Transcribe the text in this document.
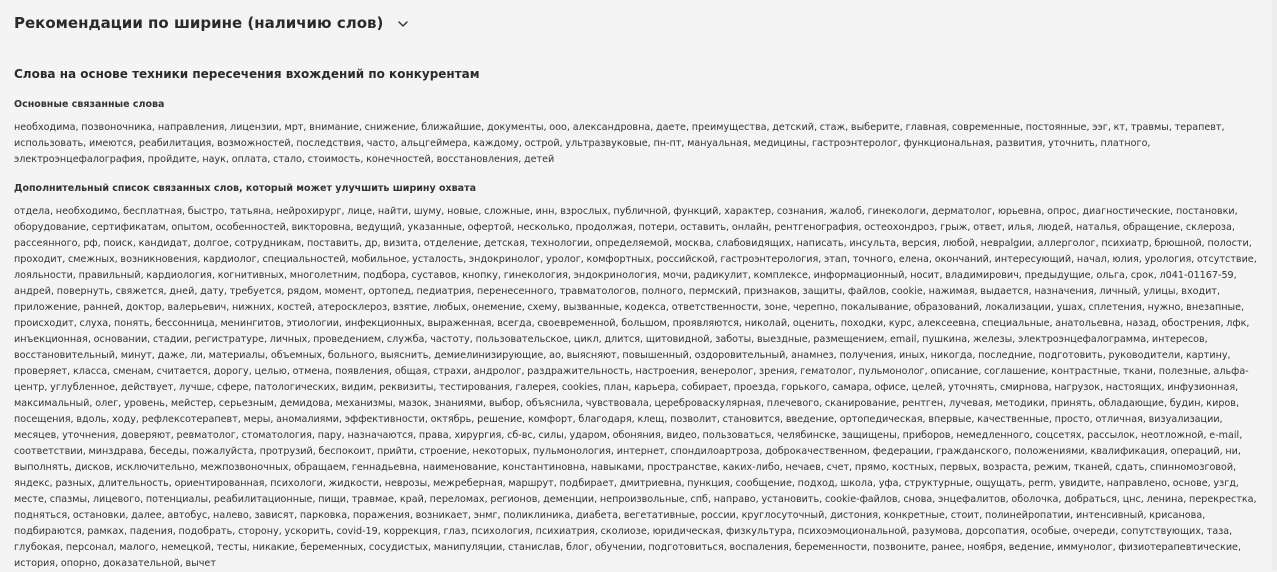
Рекомендации по ширине (наличию слов)
Слова на основе техники пересечения вхождений по конкурентам
Основные связанные слова
необходима, позвоночника, направления, лицензии, мрт, внимание, снижение, ближайшие, документы, ооо, александровна, даете, преимущества, детский, стаж, выберите, главная, современные, постоянные, ээг, кт, травмы, терапевт, использовать, имеются, реабилитация, возможностей, последствия, часто, альцгеймера, каждому, острой, ультразвуковые, пн-пт, мануальная, медицины, гастроэнтеролог, функциональная, развития, уточнить, платного, электроэнцефалография, пройдите, наук, оплата, стало, стоимость, конечностей, восстановления, детей
Дополнительный список связанных слов, который может улучшить ширину охвата
отдела, необходимо, бесплатная, быстро, татьяна, нейрохирург, лице, найти, шуму, новые, сложные, инн, взрослых, публичной, функций, характер, сознания, жалоб, гинекологи, дерматолог, юрьевна, опрос, диагностические, постановки, оборудование, сертификатам, опытом, особенностей, викторовна, ведущий, указанные, офертой, несколько, продолжая, потери, оставить, онлайн, рентгенография, остеохондроз, грыж, ответ, илья, людей, наталья, обращение, склероза, рассеянного, рф, поиск, кандидат, долгое, сотрудникам, поставить, др, визита, отделение, детская, технологии, определяемой, москва, слабовидящих, написать, инсульта, версия, любой, неврalgии, аллерголог, психиатр, брюшной, полости, проходит, смежных, возникновения, кардиолог, специальностей, мобильное, усталость, эндокринолог, уролог, комфортных, российской, гастроэнтерология, этап, точного, елена, окончаний, интересующий, начал, юлия, урология, отсутствие, лояльности, правильный, кардиология, когнитивных, многолетним, подбора, суставов, кнопку, гинекология, эндокринология, мочи, радикулит, комплексе, информационный, носит, владимирович, предыдущие, ольга, срок, л041-01167-59, андрей, повернуть, свяжется, дней, дату, требуется, рядом, момент, ортопед, педиатрия, перенесенного, травматологов, полного, пермский, признаков, защиты, файлов, cookie, нажимая, выдается, назначения, личный, улицы, входит, приложение, ранней, доктор, валерьевич, нижних, костей, атеросклероз, взятие, любых, онемение, схему, вызванные, кодекса, ответственности, зоне, черепно, покалывание, образований, локализации, ушах, сплетения, нужно, внезапные, происходит, слуха, понять, бессонница, менингитов, этиологии, инфекционных, выраженная, всегда, своевременной, большом, проявляются, николай, оценить, походки, курс, алексеевна, специальные, анатольевна, назад, обострения, лфк, инъекционная, основании, стадии, регистратуре, личных, проведением, служба, частоту, пользовательское, цикл, длится, щитовидной, заботы, выездные, размещением, email, пушкина, железы, электроэнцефалограмма, интересов, восстановительный, минут, даже, ли, материалы, объемных, больного, выяснить, демиелинизирующие, ao, выясняют, повышенный, оздоровительный, анамнез, получения, иных, никогда, последние, подготовить, руководители, картину, проверяет, класса, сменам, считается, дорогу, целью, отмена, появления, общая, страхи, андролог, раздражительность, настроения, венеролог, зрения, гематолог, пульмонолог, описание, соглашение, контрастные, ткани, полезные, альфа-центр, углубленное, действует, лучше, сфере, патологических, видим, реквизиты, тестирования, галерея, cookies, план, карьера, собирает, проезда, горького, самара, офисе, целей, уточнять, смирнова, нагрузок, настоящих, инфузионная, максимальный, олег, уровень, мейстер, серьезным, демидова, механизмы, мазок, знаниями, выбор, объяснила, чувствовала, цереброваскулярная, плечевого, сканирование, рентген, лучевая, методики, принять, обладающие, будин, киров, посещения, вдоль, ходу, рефлексотерапевт, меры, аномалиями, эффективности, октябрь, решение, комфорт, благодаря, клещ, позволит, становится, введение, ортопедическая, впервые, качественные, просто, отличная, визуализации, месяцев, уточнения, доверяют, ревматолог, стоматология, пару, назначаются, права, хирургия, сб-вс, силы, ударом, обоняния, видео, пользоваться, челябинске, защищены, приборов, немедленного, соцсетях, рассылок, неотложной, e-mail, соответствии, минздрава, беседы, пожалуйста, протрузий, беспокоит, прийти, строение, некоторых, пульмонология, интернет, спондилоартроза, доброкачественном, федерации, гражданского, положениями, квалификация, операций, ни, выполнять, дисков, исключительно, межпозвоночных, обращаем, геннадьевна, наименование, константиновна, навыками, пространстве, каких-либо, нечаев, счет, прямо, костных, первых, возраста, режим, тканей, сдать, спинномозговой, яндекс, разных, длительность, ориентированная, психологи, жидкости, неврозы, межреберная, маршрут, подбирает, дмитриевна, пункция, сообщение, подход, школа, уфа, структурные, ощущать, perm, увидите, направлено, основе, узгд, месте, спазмы, лицевого, потенциалы, реабилитационные, пищи, травмае, край, переломах, регионов, деменции, непроизвольные, спб, направо, установить, cookie-файлов, снова, энцефалитов, оболочка, добраться, цнс, ленина, перекрестка, подняться, остановки, далее, автобус, налево, зависят, парковка, поражения, возникает, энмг, поликлиника, диабета, вегетативные, россии, круглосуточный, дистония, конкретные, стоит, полинейропатии, интенсивный, крисанова, подбираются, рамках, падения, подобрать, сторону, ускорить, covid-19, коррекция, глаз, психология, психиатрия, сколиозе, юридическая, физкультура, психоэмоциональной, разумова, дорсопатия, особые, очереди, сопутствующих, таза, глубокая, персонал, малого, немецкой, тесты, никакие, беременных, сосудистых, манипуляции, станислав, блог, обучении, подготовиться, воспаления, беременности, позвоните, ранее, ноября, ведение, иммунолог, физиотерапевтические, история, опорно, доказательной, вычет
